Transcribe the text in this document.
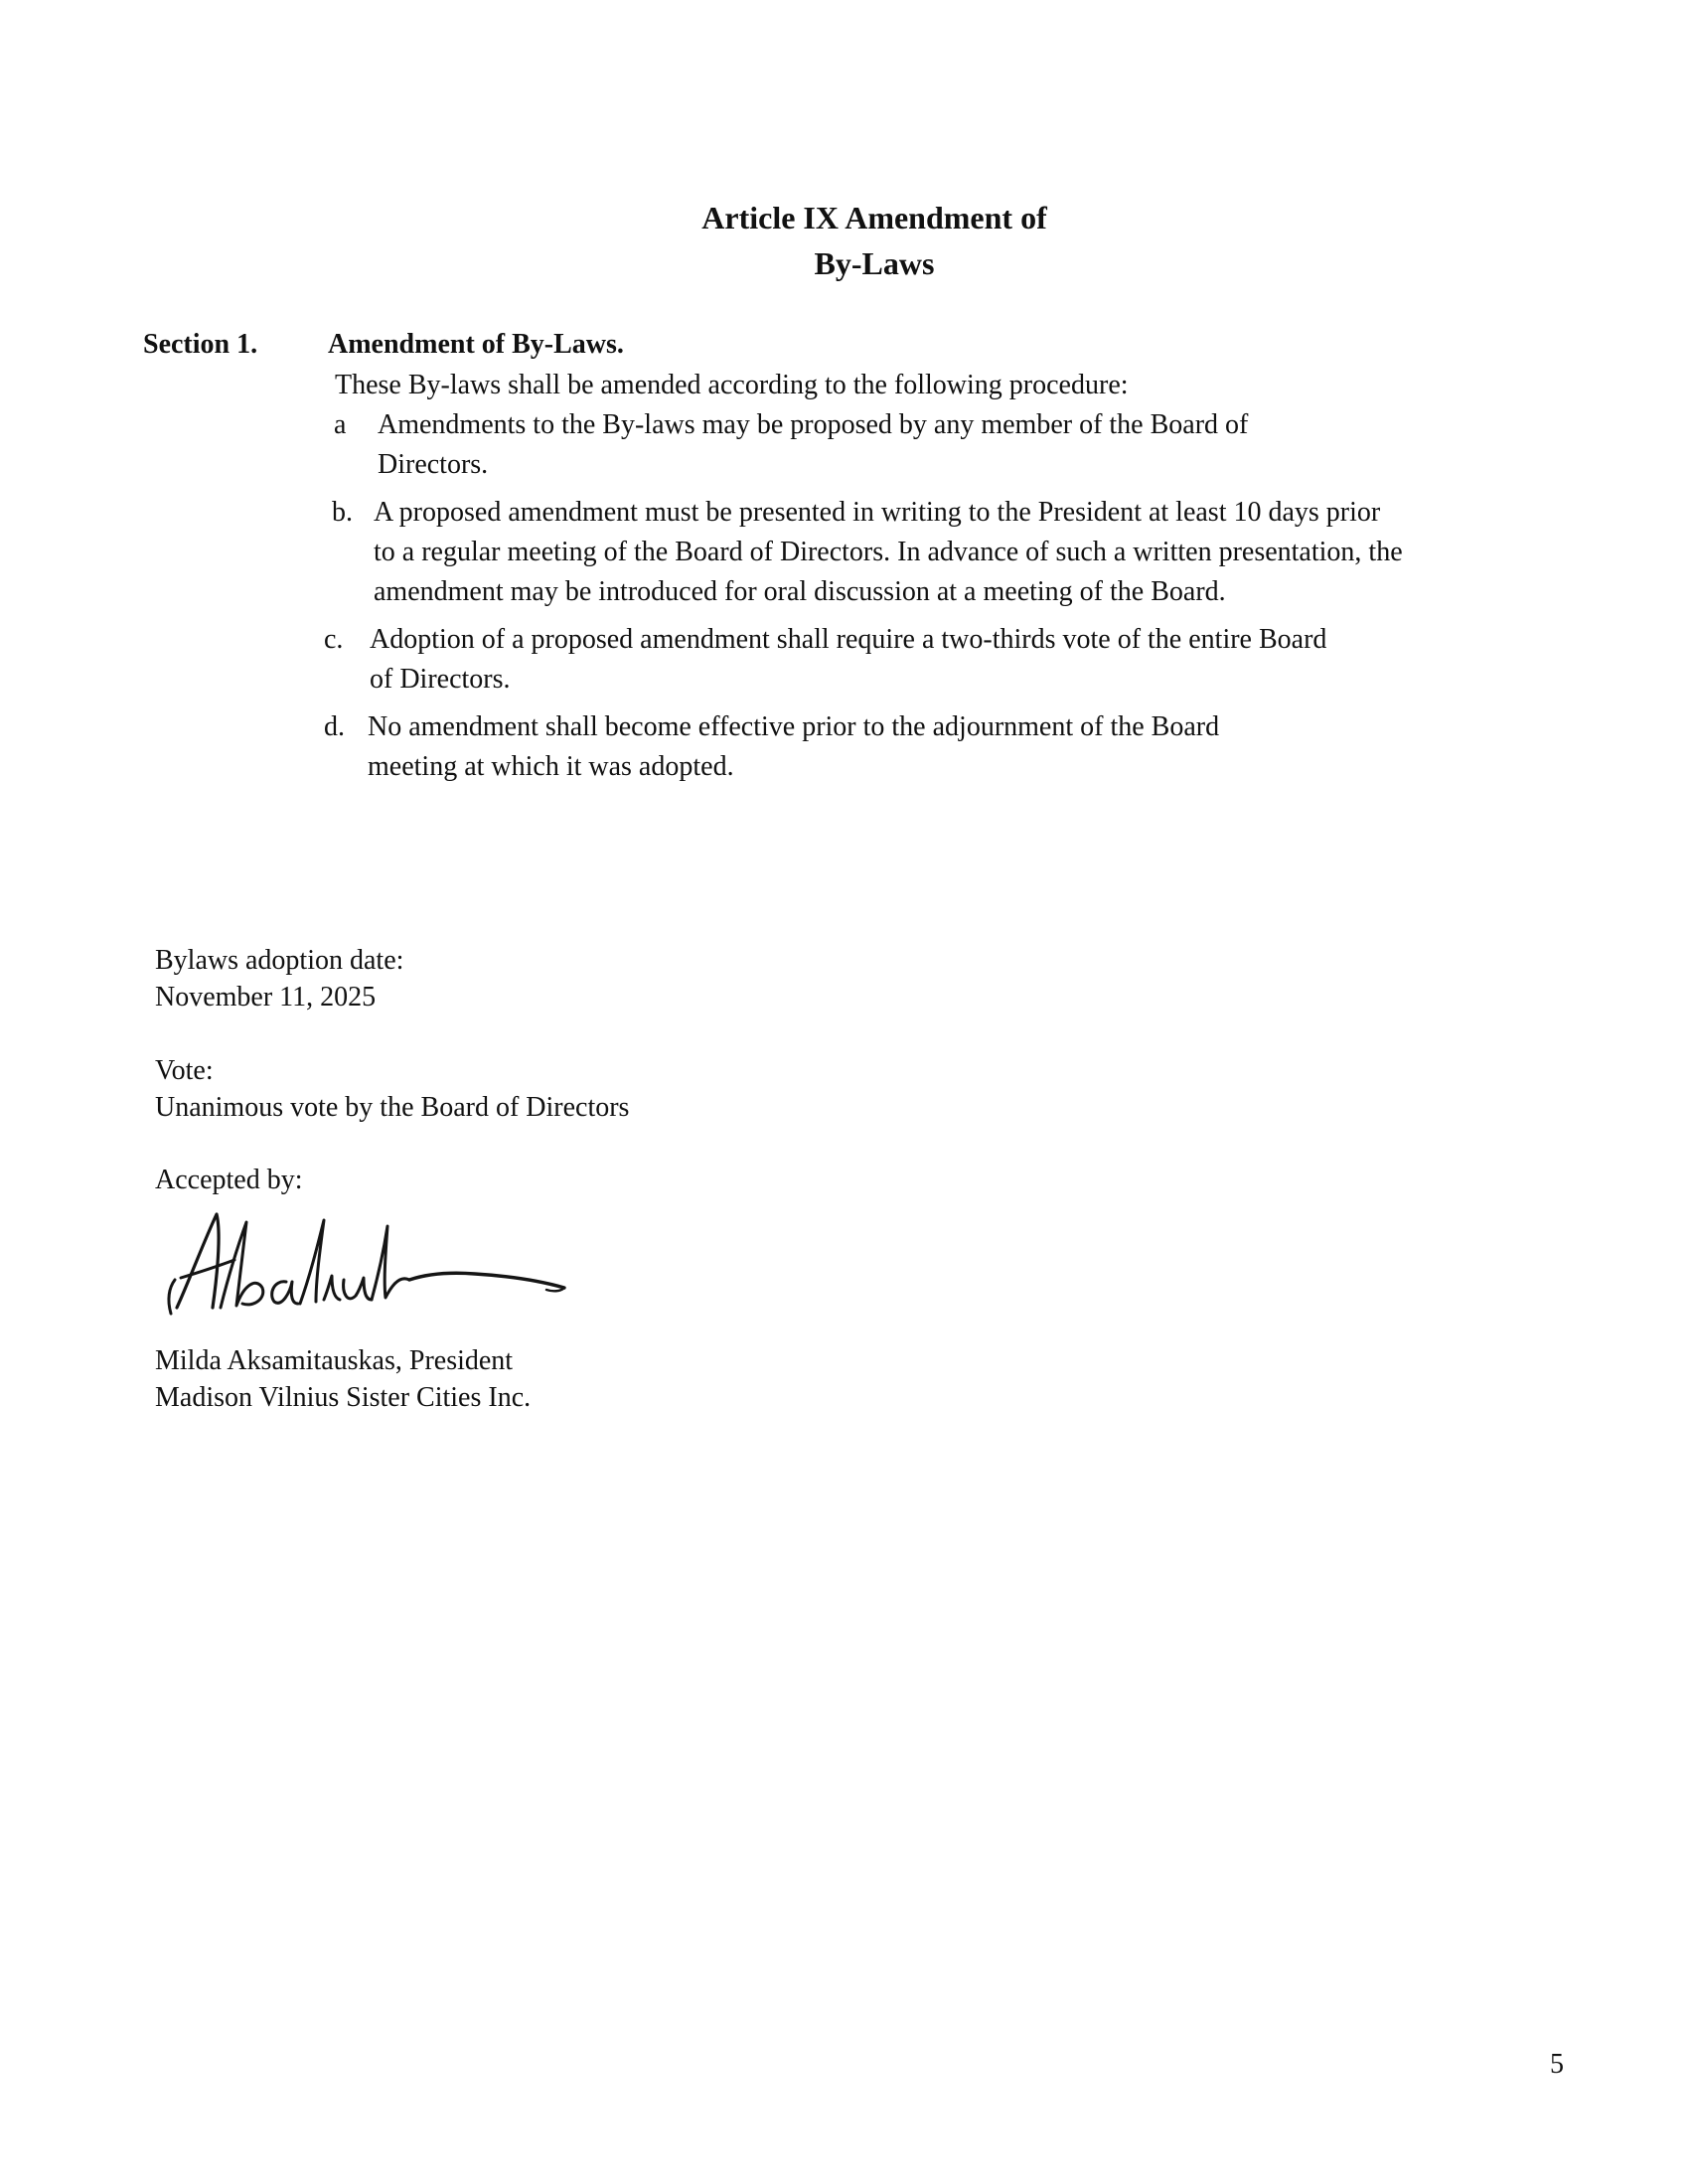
Article IX Amendment of
By-Laws
Section 1.	Amendment of By-Laws.
These By-laws shall be amended according to the following procedure:
a Amendments to the By-laws may be proposed by any member of the Board of
Directors.
b. A proposed amendment must be presented in writing to the President at least 10 days prior
to a regular meeting of the Board of Directors. In advance of such a written presentation, the
amendment may be introduced for oral discussion at a meeting of the Board.
c. Adoption of a proposed amendment shall require a two-thirds vote of the entire Board
of Directors.
d. No amendment shall become effective prior to the adjournment of the Board
meeting at which it was adopted.
Bylaws adoption date:
November 11, 2025
Vote:
Unanimous vote by the Board of Directors
Accepted by:
Milda Aksamitauskas, President
Madison Vilnius Sister Cities Inc.
5
